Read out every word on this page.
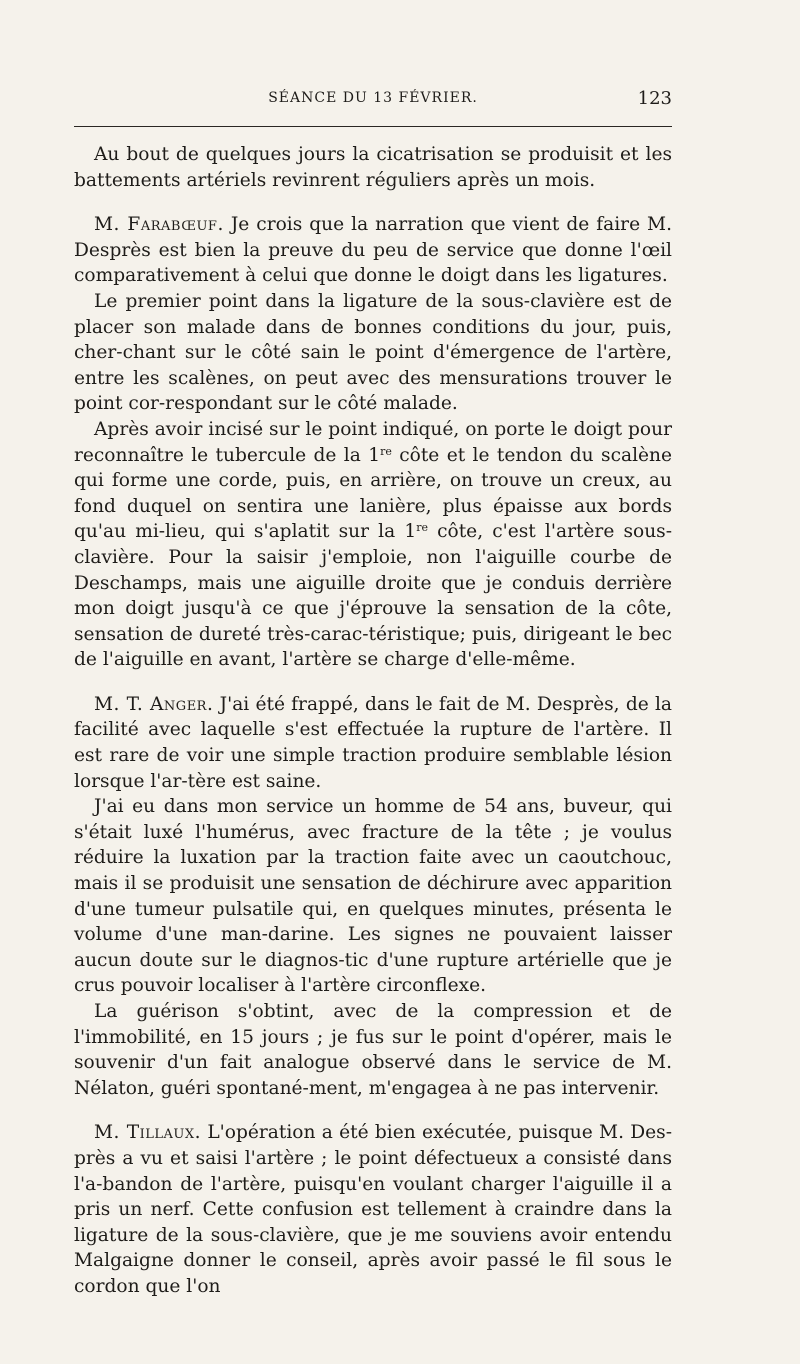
SÉANCE DU 13 FÉVRIER.	123

Au bout de quelques jours la cicatrisation se produisit et les battements artériels revinrent réguliers après un mois.

M. Farabœuf. Je crois que la narration que vient de faire M. Desprès est bien la preuve du peu de service que donne l'œil comparativement à celui que donne le doigt dans les ligatures.

Le premier point dans la ligature de la sous-clavière est de placer son malade dans de bonnes conditions du jour, puis, cher-chant sur le côté sain le point d'émergence de l'artère, entre les scalènes, on peut avec des mensurations trouver le point cor-respondant sur le côté malade.

Après avoir incisé sur le point indiqué, on porte le doigt pour reconnaître le tubercule de la 1re côte et le tendon du scalène qui forme une corde, puis, en arrière, on trouve un creux, au fond duquel on sentira une lanière, plus épaisse aux bords qu'au mi-lieu, qui s'aplatit sur la 1re côte, c'est l'artère sous-clavière. Pour la saisir j'emploie, non l'aiguille courbe de Deschamps, mais une aiguille droite que je conduis derrière mon doigt jusqu'à ce que j'éprouve la sensation de la côte, sensation de dureté très-carac-téristique; puis, dirigeant le bec de l'aiguille en avant, l'artère se charge d'elle-même.

M. T. Anger. J'ai été frappé, dans le fait de M. Desprès, de la facilité avec laquelle s'est effectuée la rupture de l'artère. Il est rare de voir une simple traction produire semblable lésion lorsque l'ar-tère est saine.

J'ai eu dans mon service un homme de 54 ans, buveur, qui s'était luxé l'humérus, avec fracture de la tête ; je voulus réduire la luxation par la traction faite avec un caoutchouc, mais il se produisit une sensation de déchirure avec apparition d'une tumeur pulsatile qui, en quelques minutes, présenta le volume d'une man-darine. Les signes ne pouvaient laisser aucun doute sur le diagnos-tic d'une rupture artérielle que je crus pouvoir localiser à l'artère circonflexe.

La guérison s'obtint, avec de la compression et de l'immobilité, en 15 jours ; je fus sur le point d'opérer, mais le souvenir d'un fait analogue observé dans le service de M. Nélaton, guéri spontané-ment, m'engagea à ne pas intervenir.

M. Tillaux. L'opération a été bien exécutée, puisque M. Des-près a vu et saisi l'artère ; le point défectueux a consisté dans l'a-bandon de l'artère, puisqu'en voulant charger l'aiguille il a pris un nerf. Cette confusion est tellement à craindre dans la ligature de la sous-clavière, que je me souviens avoir entendu Malgaigne donner le conseil, après avoir passé le fil sous le cordon que l'on
